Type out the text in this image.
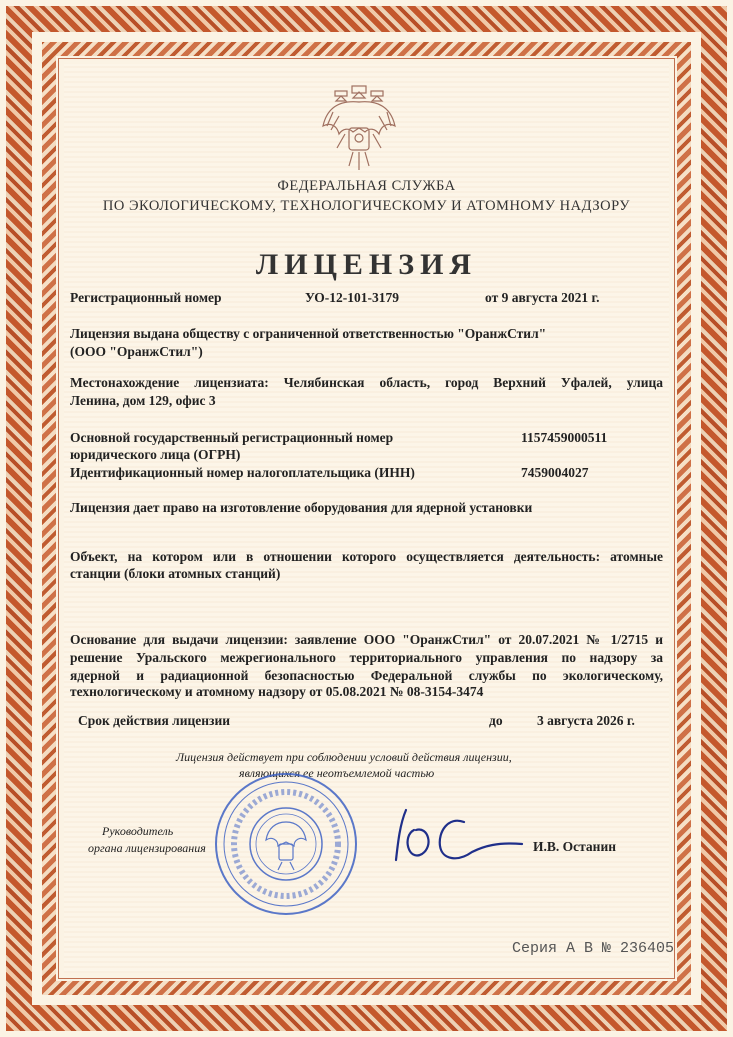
ФЕДЕРАЛЬНАЯ СЛУЖБА
ПО ЭКОЛОГИЧЕСКОМУ, ТЕХНОЛОГИЧЕСКОМУ И АТОМНОМУ НАДЗОРУ
ЛИЦЕНЗИЯ
Регистрационный номер	УО-12-101-3179	от 9 августа 2021 г.
Лицензия выдана обществу с ограниченной ответственностью "ОранжСтил"
(ООО "ОранжСтил")
Местонахождение лицензиата: Челябинская область, город Верхний Уфалей, улица
Ленина, дом 129, офис 3
Основной государственный регистрационный номер
юридического лица (ОГРН)
1157459000511
Идентификационный номер налогоплательщика (ИНН)	7459004027
Лицензия дает право на изготовление оборудования для ядерной установки
Объект, на котором или в отношении которого осуществляется деятельность: атомные
станции (блоки атомных станций)
Основание для выдачи лицензии: заявление ООО "ОранжСтил" от 20.07.2021 № 1/2715 и
решение Уральского межрегионального территориального управления по надзору за
ядерной и радиационной безопасностью Федеральной службы по экологическому,
технологическому и атомному надзору от 05.08.2021 № 08-3154-3474
Срок действия лицензии	до	3 августа 2026 г.
Лицензия действует при соблюдении условий действия лицензии,
являющихся ее неотъемлемой частью
Руководитель
органа лицензирования	И.В. Останин
Серия А В № 236405
